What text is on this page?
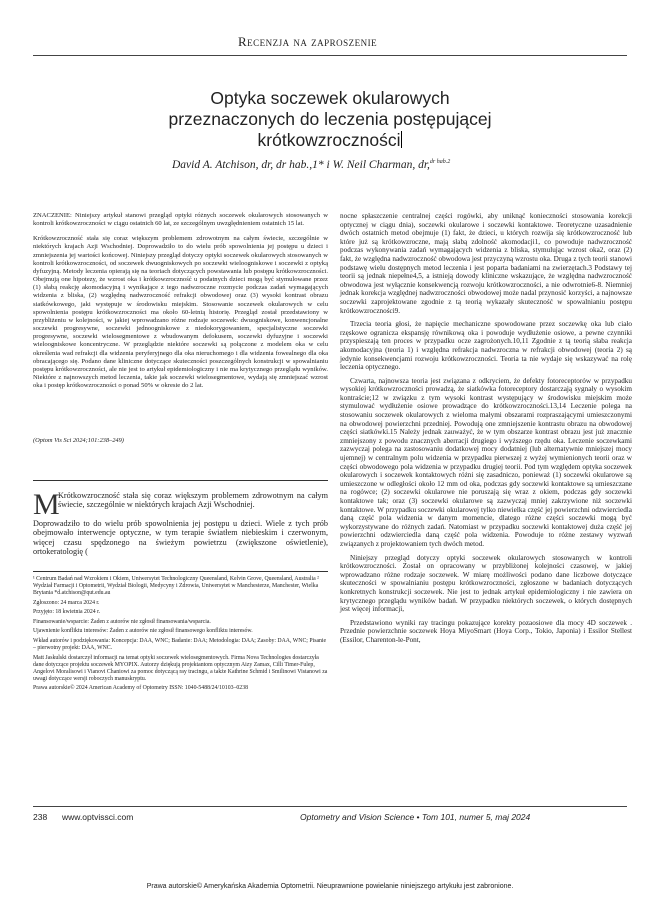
Recenzja na zaproszenie
Optyka soczewek okularowych
przeznaczonych do leczenia postępującej
krótkowzroczności
David A. Atchison, dr, dr hab.,1* i W. Neil Charman, dr,$^{dr hab.2}$

ZNACZENIE: Niniejszy artykuł stanowi przegląd optyki różnych soczewek okularowych stosowanych w kontroli krótkowzroczności w ciągu ostatnich 60 lat, ze szczególnym uwzględnieniem ostatnich 15 lat.

Krótkowzroczność stała się coraz większym problemem zdrowotnym na całym świecie, szczególnie w niektórych krajach Azji Wschodniej. Doprowadziło to do wielu prób spowolnienia jej postępu u dzieci i zmniejszenia jej wartości końcowej. Niniejszy przegląd dotyczy optyki soczewek okularowych stosowanych w kontroli krótkowzroczności, od soczewek dwuogniskowych po soczewki wieloogniskowe i soczewki z optyką dyfuzyjną. Metody leczenia opierają się na teoriach dotyczących powstawania lub postępu krótkowzroczności. Obejmują one hipotezy, że wzrost oka i krótkowzroczność u podatnych dzieci mogą być stymulowane przez (1) słabą reakcję akomodacyjną i wynikające z tego nadwzroczne rozmycie podczas zadań wymagających widzenia z bliska, (2) względną nadwzroczność refrakcji obwodowej oraz (3) wysoki kontrast obrazu siatkówkowego, jaki występuje w środowisku miejskim. Stosowanie soczewek okularowych w celu spowolnienia postępu krótkowzroczności ma około 60-letnią historię. Przegląd został przedstawiony w przybliżeniu w kolejności, w jakiej wprowadzano różne rodzaje soczewek: dwuogniskowe, konwencjonalne soczewki progresywne, soczewki jednoogniskowe z niedokorygowaniem, specjalistyczne soczewki progresywne, soczewki wielosegmentowe z wbudowanym defokusem, soczewki dyfuzyjne i soczewki wieloogniskowe koncentryczne. W przeglądzie niektóre soczewki są połączone z modelem oka w celu określenia wad refrakcji dla widzenia peryferyjnego dla oka nieruchomego i dla widzenia fowealnego dla oka obracającego się. Podano dane kliniczne dotyczące skuteczności poszczególnych konstrukcji w spowalnianiu postępu krótkowzroczności, ale nie jest to artykuł epidemiologiczny i nie ma krytycznego przeglądu wyników. Niektóre z najnowszych metod leczenia, takie jak soczewki wielosegmentowe, wydają się zmniejszać wzrost oka i postęp krótkowzroczności o ponad 50% w okresie do 2 lat.

(Optom Vis Sci 2024;101:238–249)
M
Krótkowzroczność stała się coraz większym problemem zdrowotnym na całym świecie, szczególnie w niektórych krajach Azji Wschodniej.
Doprowadziło to do wielu prób spowolnienia jej postępu u dzieci. Wiele z tych prób obejmowało interwencje optyczne, w tym terapie światłem niebieskim i czerwonym, więcej czasu spędzonego na świeżym powietrzu (zwiększone oświetlenie), ortokeratologię (

¹ Centrum Badań nad Wzrokiem i Okiem, Uniwersytet Technologiczny Queensland, Kelvin Grove, Queensland, Australia ² Wydział Farmacji i Optometrii, Wydział Biologii, Medycyny i Zdrowia, Uniwersytet w Manchesterze, Manchester, Wielka Brytania *d.atchison@qut.edu.au

Zgłoszono: 24 marca 2024 r.

Przyjęto: 18 kwietnia 2024 r.

Finansowanie/wsparcie: Żaden z autorów nie zgłosił finansowania/wsparcia.

Ujawnienie konfliktu interesów: Żaden z autorów nie zgłosił finansowego konfliktu interesów.

Wkład autorów i podziękowania: Koncepcja: DAA, WNC; Badanie: DAA; Metodologia: DAA; Zasoby: DAA, WNC; Pisanie – pierwotny projekt: DAA, WNC.

Matt Jaskulski dostarczył informacji na temat optyki soczewek wielosegmentowych. Firma Nova Technologies dostarczyła dane dotyczące projektu soczewek MYOPIX. Autorzy dziękują projektantom optycznym Aizy Zamax, Cilli Timer-Fulep, Angelovi Moralisowi i Vianovi Chaniowi za pomoc dotyczącą ray tracingu, a także Kathrine Schmid i Smilinowi Vistanowi za uwagi dotyczące wersji roboczych manuskryptu.

Prawa autorskie© 2024 American Academy of Optometry ISSN: 1040-5488/24/10103–0238

nocne spłaszczenie centralnej części rogówki, aby uniknąć konieczności stosowania korekcji optycznej w ciągu dnia), soczewki okularowe i soczewki kontaktowe. Teoretyczne uzasadnienie dwóch ostatnich metod obejmuje (1) fakt, że dzieci, u których rozwija się krótkowzroczność lub które już są krótkowzroczne, mają słabą zdolność akomodacji1, co powoduje nadwzroczność podczas wykonywania zadań wymagających widzenia z bliska, stymulując wzrost oka2, oraz (2) fakt, że względna nadwzroczność obwodowa jest przyczyną wzrostu oka. Druga z tych teorii stanowi podstawę wielu dostępnych metod leczenia i jest poparta badaniami na zwierzętach.3 Podstawy tej teorii są jednak niepełne4,5, a istnieją dowody kliniczne wskazujące, że względna nadwzroczność obwodowa jest wyłącznie konsekwencją rozwoju krótkowzroczności, a nie odwrotnie6-8. Niemniej jednak korekcja względnej nadwzroczności obwodowej może nadal przynosić korzyści, a najnowsze soczewki zaprojektowane zgodnie z tą teorią wykazały skuteczność w spowalnianiu postępu krótkowzroczności9.

Trzecia teoria głosi, że napięcie mechaniczne spowodowane przez soczewkę oka lub ciało rzęskowe ogranicza ekspansję równikową oka i powoduje wydłużenie osiowe, a pewne czynniki przyspieszają ten proces w przypadku ocze zagrożonych.10,11 Zgodnie z tą teorią słaba reakcja akomodacyjna (teoria 1) i względna refrakcja nadwzroczna w refrakcji obwodowej (teoria 2) są jedynie konsekwencjami rozwoju krótkowzroczności. Teoria ta nie wydaje się wskazywać na rolę leczenia optycznego.

Czwarta, najnowsza teoria jest związana z odkryciem, że defekty fotoreceptorów w przypadku wysokiej krótkowzroczności prowadzą, że siatkówka fotoreceptory dostarczają sygnały o wysokim kontraście;12 w związku z tym wysoki kontrast występujący w środowisku miejskim może stymulować wydłużenie osiowe prowadzące do krótkowzroczności.13,14 Leczenie polega na stosowaniu soczewek okularowych z wieloma małymi obszarami rozpraszającymi umieszczonymi na obwodowej powierzchni przedniej. Powodują one zmniejszenie kontrastu obrazu na obwodowej części siatkówki.15 Należy jednak zauważyć, że w tym obszarze kontrast obrazu jest już znacznie zmniejszony z powodu znacznych aberracji drugiego i wyższego rzędu oka. Leczenie soczewkami zazwyczaj polega na zastosowaniu dodatkowej mocy dodatniej (lub alternatywnie mniejszej mocy ujemnej) w centralnym polu widzenia w przypadku pierwszej z wyżej wymienionych teorii oraz w części obwodowego pola widzenia w przypadku drugiej teorii. Pod tym względem optyka soczewek okularowych i soczewek kontaktowych różni się zasadniczo, ponieważ (1) soczewki okularowe są umieszczone w odległości około 12 mm od oka, podczas gdy soczewki kontaktowe są umieszczane na rogówce; (2) soczewki okularowe nie poruszają się wraz z okiem, podczas gdy soczewki kontaktowe tak; oraz (3) soczewki okularowe są zazwyczaj mniej zakrzywione niż soczewki kontaktowe. W przypadku soczewki okularowej tylko niewielka część jej powierzchni odzwierciedla daną część pola widzenia w danym momencie, dlatego różne części soczewki mogą być wykorzystywane do różnych zadań. Natomiast w przypadku soczewki kontaktowej duża część jej powierzchni odzwierciedla daną część pola widzenia. Powoduje to różne zestawy wyzwań związanych z projektowaniem tych dwóch metod.

Niniejszy przegląd dotyczy optyki soczewek okularowych stosowanych w kontroli krótkowzroczności. Został on opracowany w przybliżonej kolejności czasowej, w jakiej wprowadzano różne rodzaje soczewek. W miarę możliwości podano dane liczbowe dotyczące skuteczności w spowalnianiu postępu krótkowzroczności, zgłoszone w badaniach dotyczących konkretnych konstrukcji soczewek. Nie jest to jednak artykuł epidemiologiczny i nie zawiera on krytycznego przeglądu wyników badań. W przypadku niektórych soczewek, o których dostępnych jest więcej informacji,

Przedstawiono wyniki ray tracingu pokazujące korekty pozaosiowe dla mocy 4D soczewek . Przednie powierzchnie soczewek Hoya MiyoSmart (Hoya Corp., Tokio, Japonia) i Essilor Stellest (Essilor, Charenton-le-Pont,

238 www.optvissci.com	Optometry and Vision Science • Tom 101, numer 5, maj 2024
Prawa autorskie© Amerykańska Akademia Optometrii. Nieuprawnione powielanie niniejszego artykułu jest zabronione.
